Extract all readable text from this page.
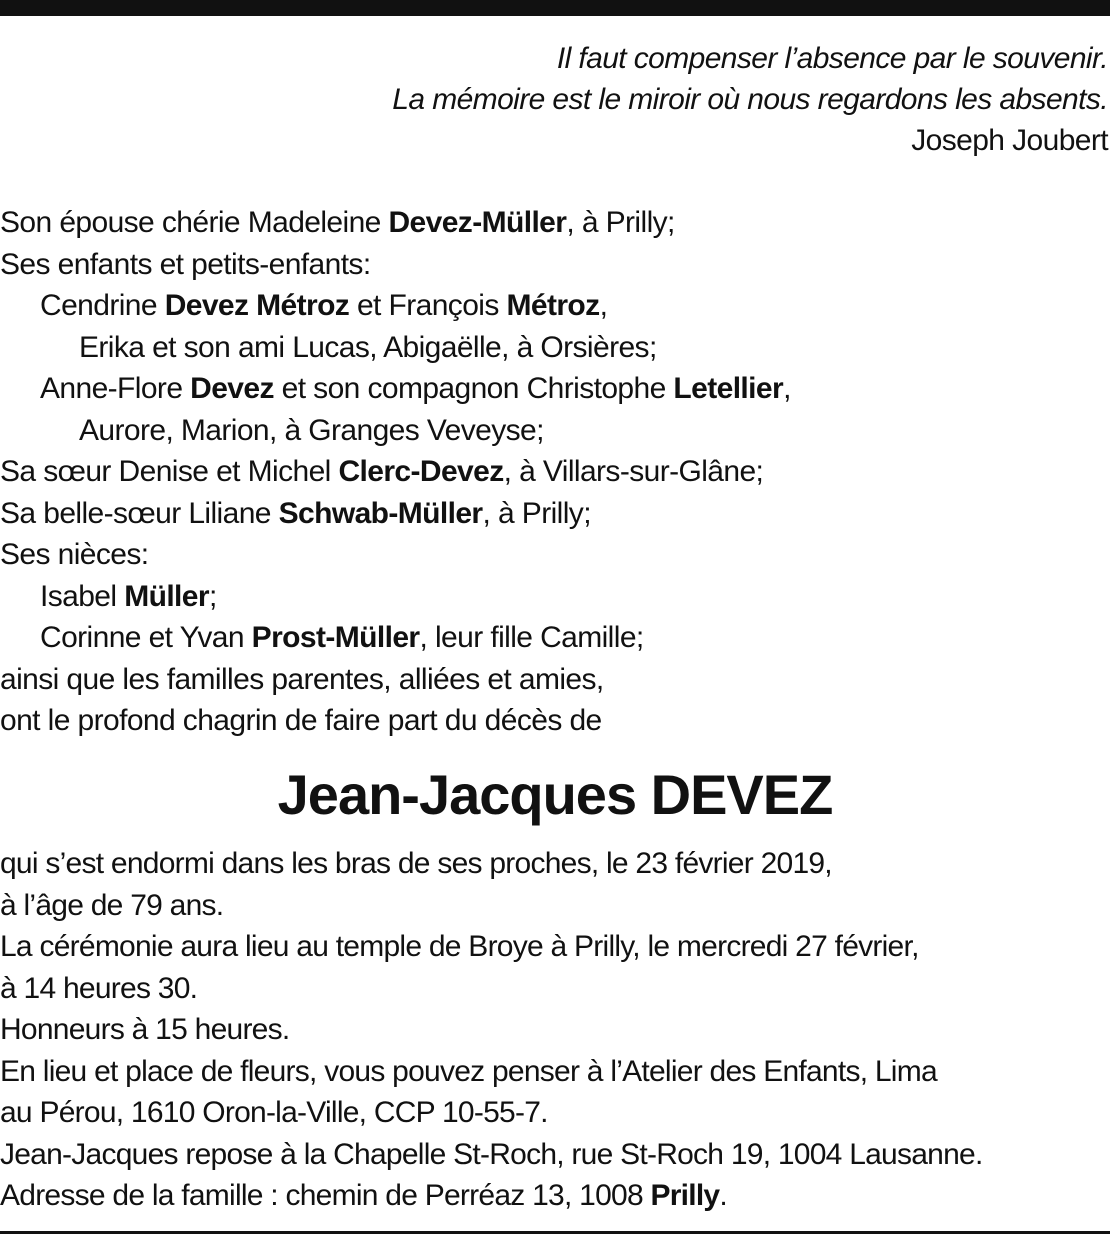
Il faut compenser l’absence par le souvenir.
La mémoire est le miroir où nous regardons les absents.
Joseph Joubert
Son épouse chérie Madeleine Devez-Müller, à Prilly;
Ses enfants et petits-enfants:
Cendrine Devez Métroz et François Métroz,
Erika et son ami Lucas, Abigaëlle, à Orsières;
Anne-Flore Devez et son compagnon Christophe Letellier,
Aurore, Marion, à Granges Veveyse;
Sa sœur Denise et Michel Clerc-Devez, à Villars-sur-Glâne;
Sa belle-sœur Liliane Schwab-Müller, à Prilly;
Ses nièces:
Isabel Müller;
Corinne et Yvan Prost-Müller, leur fille Camille;
ainsi que les familles parentes, alliées et amies,
ont le profond chagrin de faire part du décès de
Jean-Jacques DEVEZ
qui s’est endormi dans les bras de ses proches, le 23 février 2019,
à l’âge de 79 ans.
La cérémonie aura lieu au temple de Broye à Prilly, le mercredi 27 février,
à 14 heures 30.
Honneurs à 15 heures.
En lieu et place de fleurs, vous pouvez penser à l’Atelier des Enfants, Lima
au Pérou, 1610 Oron-la-Ville, CCP 10-55-7.
Jean-Jacques repose à la Chapelle St-Roch, rue St-Roch 19, 1004 Lausanne.
Adresse de la famille : chemin de Perréaz 13, 1008 Prilly.
